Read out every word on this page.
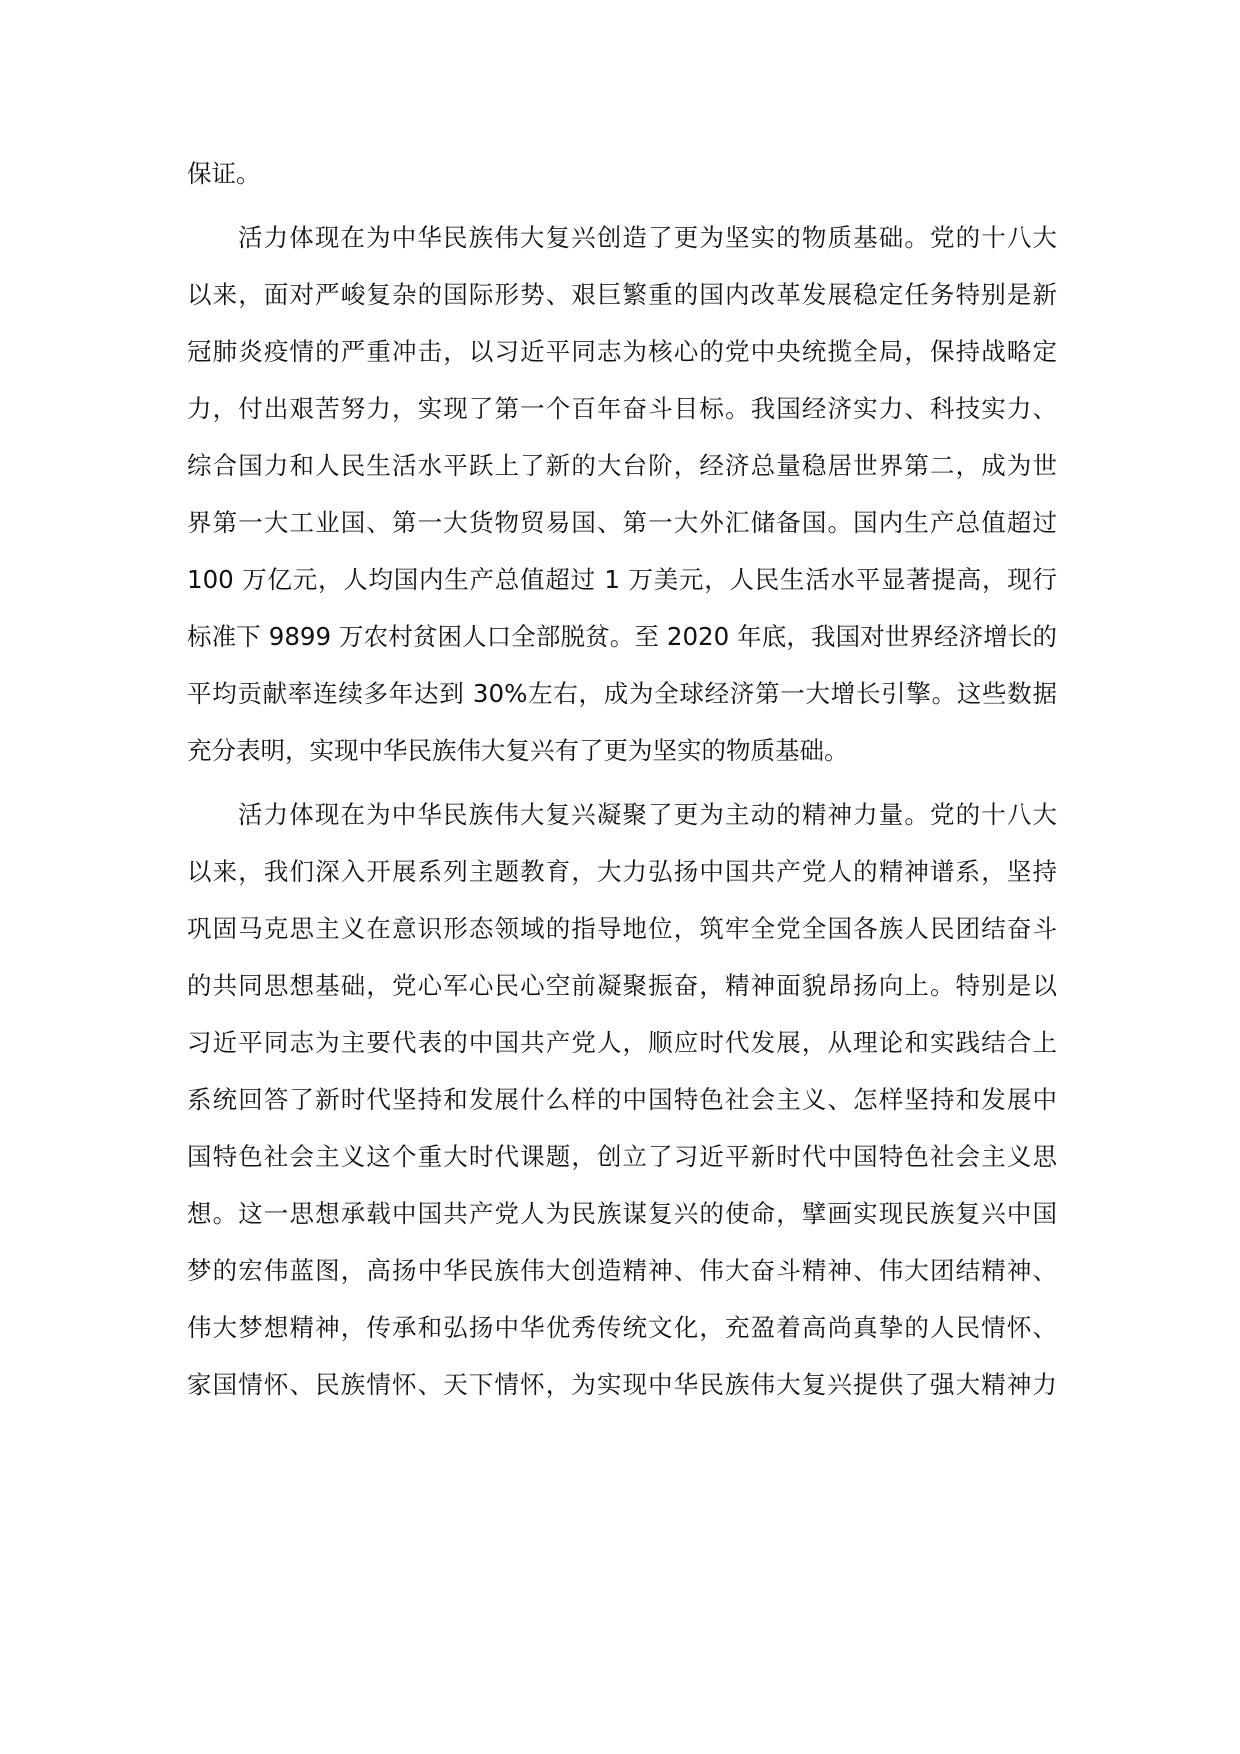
保证。
活力体现在为中华民族伟大复兴创造了更为坚实的物质基础。党的十八大
以来，面对严峻复杂的国际形势、艰巨繁重的国内改革发展稳定任务特别是新
冠肺炎疫情的严重冲击，以习近平同志为核心的党中央统揽全局，保持战略定
力，付出艰苦努力，实现了第一个百年奋斗目标。我国经济实力、科技实力、
综合国力和人民生活水平跃上了新的大台阶，经济总量稳居世界第二，成为世
界第一大工业国、第一大货物贸易国、第一大外汇储备国。国内生产总值超过
100 万亿元，人均国内生产总值超过 1 万美元，人民生活水平显著提高，现行
标准下 9899 万农村贫困人口全部脱贫。至 2020 年底，我国对世界经济增长的
平均贡献率连续多年达到 30%左右，成为全球经济第一大增长引擎。这些数据
充分表明，实现中华民族伟大复兴有了更为坚实的物质基础。
活力体现在为中华民族伟大复兴凝聚了更为主动的精神力量。党的十八大
以来，我们深入开展系列主题教育，大力弘扬中国共产党人的精神谱系，坚持
巩固马克思主义在意识形态领域的指导地位，筑牢全党全国各族人民团结奋斗
的共同思想基础，党心军心民心空前凝聚振奋，精神面貌昂扬向上。特别是以
习近平同志为主要代表的中国共产党人，顺应时代发展，从理论和实践结合上
系统回答了新时代坚持和发展什么样的中国特色社会主义、怎样坚持和发展中
国特色社会主义这个重大时代课题，创立了习近平新时代中国特色社会主义思
想。这一思想承载中国共产党人为民族谋复兴的使命，擘画实现民族复兴中国
梦的宏伟蓝图，高扬中华民族伟大创造精神、伟大奋斗精神、伟大团结精神、
伟大梦想精神，传承和弘扬中华优秀传统文化，充盈着高尚真挚的人民情怀、
家国情怀、民族情怀、天下情怀，为实现中华民族伟大复兴提供了强大精神力
